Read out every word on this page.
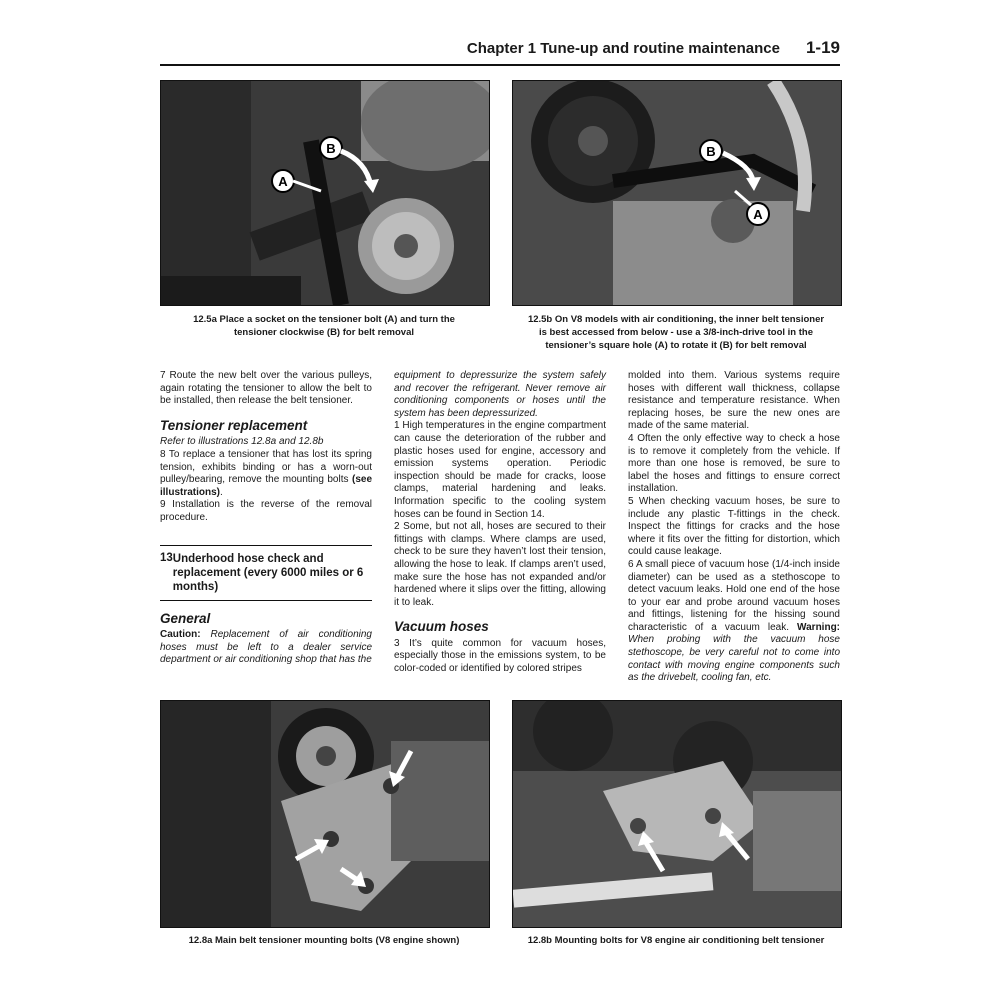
Chapter 1 Tune-up and routine maintenance	1-19
A
B	B
A
12.5a Place a socket on the tensioner bolt (A) and turn the
tensioner clockwise (B) for belt removal
12.5b On V8 models with air conditioning, the inner belt tensioner
is best accessed from below - use a 3/8-inch-drive tool in the
tensioner’s square hole (A) to rotate it (B) for belt removal

7 Route the new belt over the various pulleys, again rotating the tensioner to allow the belt to be installed, then release the belt tensioner.

Tensioner replacement

Refer to illustrations 12.8a and 12.8b

8 To replace a tensioner that has lost its spring tension, exhibits binding or has a worn-out pulley/bearing, remove the mounting bolts (see illustrations).

9 Installation is the reverse of the removal procedure.

13 Underhood hose check and replacement (every 6000 miles or 6 months)
General

Caution: Replacement of air conditioning hoses must be left to a dealer service department or air conditioning shop that has the

equipment to depressurize the system safely and recover the refrigerant. Never remove air conditioning components or hoses until the system has been depressurized.

1 High temperatures in the engine compartment can cause the deterioration of the rubber and plastic hoses used for engine, accessory and emission systems operation. Periodic inspection should be made for cracks, loose clamps, material hardening and leaks. Information specific to the cooling system hoses can be found in Section 14.

2 Some, but not all, hoses are secured to their fittings with clamps. Where clamps are used, check to be sure they haven’t lost their tension, allowing the hose to leak. If clamps aren’t used, make sure the hose has not expanded and/or hardened where it slips over the fitting, allowing it to leak.

Vacuum hoses

3 It’s quite common for vacuum hoses, especially those in the emissions system, to be color-coded or identified by colored stripes

molded into them. Various systems require hoses with different wall thickness, collapse resistance and temperature resistance. When replacing hoses, be sure the new ones are made of the same material.

4 Often the only effective way to check a hose is to remove it completely from the vehicle. If more than one hose is removed, be sure to label the hoses and fittings to ensure correct installation.

5 When checking vacuum hoses, be sure to include any plastic T-fittings in the check. Inspect the fittings for cracks and the hose where it fits over the fitting for distortion, which could cause leakage.

6 A small piece of vacuum hose (1/4-inch inside diameter) can be used as a stethoscope to detect vacuum leaks. Hold one end of the hose to your ear and probe around vacuum hoses and fittings, listening for the hissing sound characteristic of a vacuum leak. Warning: When probing with the vacuum hose stethoscope, be very careful not to come into contact with moving engine components such as the drivebelt, cooling fan, etc.

12.8a Main belt tensioner mounting bolts (V8 engine shown)	12.8b Mounting bolts for V8 engine air conditioning belt tensioner
